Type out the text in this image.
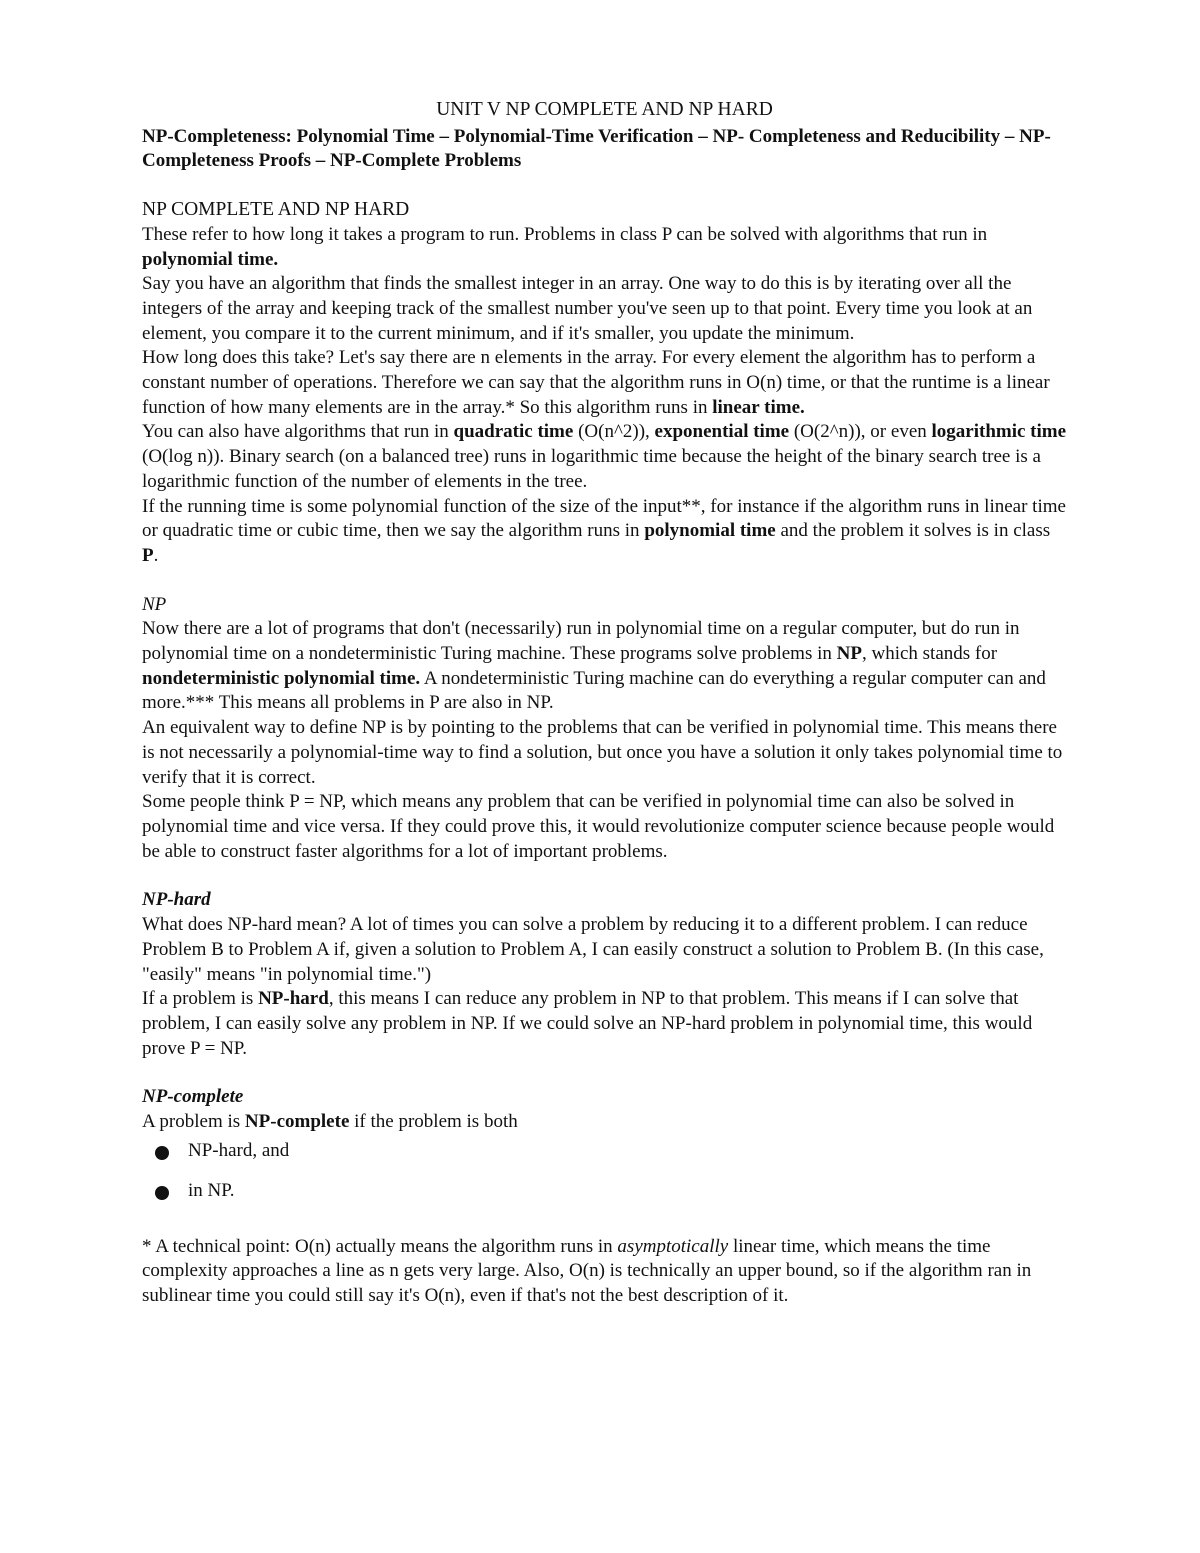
UNIT V NP COMPLETE AND NP HARD

NP-Completeness: Polynomial Time – Polynomial-Time Verification – NP- Completeness and Reducibility – NP-Completeness Proofs – NP-Complete Problems

NP COMPLETE AND NP HARD

These refer to how long it takes a program to run. Problems in class P can be solved with algorithms that run in polynomial time.

Say you have an algorithm that finds the smallest integer in an array. One way to do this is by iterating over all the integers of the array and keeping track of the smallest number you've seen up to that point. Every time you look at an element, you compare it to the current minimum, and if it's smaller, you update the minimum.

How long does this take? Let's say there are n elements in the array. For every element the algorithm has to perform a constant number of operations. Therefore we can say that the algorithm runs in O(n) time, or that the runtime is a linear function of how many elements are in the array.* So this algorithm runs in linear time.

You can also have algorithms that run in quadratic time (O(n^2)), exponential time (O(2^n)), or even logarithmic time (O(log n)). Binary search (on a balanced tree) runs in logarithmic time because the height of the binary search tree is a logarithmic function of the number of elements in the tree.

If the running time is some polynomial function of the size of the input**, for instance if the algorithm runs in linear time or quadratic time or cubic time, then we say the algorithm runs in polynomial time and the problem it solves is in class P.

NP

Now there are a lot of programs that don't (necessarily) run in polynomial time on a regular computer, but do run in polynomial time on a nondeterministic Turing machine. These programs solve problems in NP, which stands for nondeterministic polynomial time. A nondeterministic Turing machine can do everything a regular computer can and more.*** This means all problems in P are also in NP.

An equivalent way to define NP is by pointing to the problems that can be verified in polynomial time. This means there is not necessarily a polynomial-time way to find a solution, but once you have a solution it only takes polynomial time to verify that it is correct.

Some people think P = NP, which means any problem that can be verified in polynomial time can also be solved in polynomial time and vice versa. If they could prove this, it would revolutionize computer science because people would be able to construct faster algorithms for a lot of important problems.

NP-hard

What does NP-hard mean? A lot of times you can solve a problem by reducing it to a different problem. I can reduce Problem B to Problem A if, given a solution to Problem A, I can easily construct a solution to Problem B. (In this case, "easily" means "in polynomial time.")

If a problem is NP-hard, this means I can reduce any problem in NP to that problem. This means if I can solve that problem, I can easily solve any problem in NP. If we could solve an NP-hard problem in polynomial time, this would prove P = NP.

NP-complete

A problem is NP-complete if the problem is both

NP-hard, and
in NP.

* A technical point: O(n) actually means the algorithm runs in asymptotically linear time, which means the time complexity approaches a line as n gets very large. Also, O(n) is technically an upper bound, so if the algorithm ran in sublinear time you could still say it's O(n), even if that's not the best description of it.
